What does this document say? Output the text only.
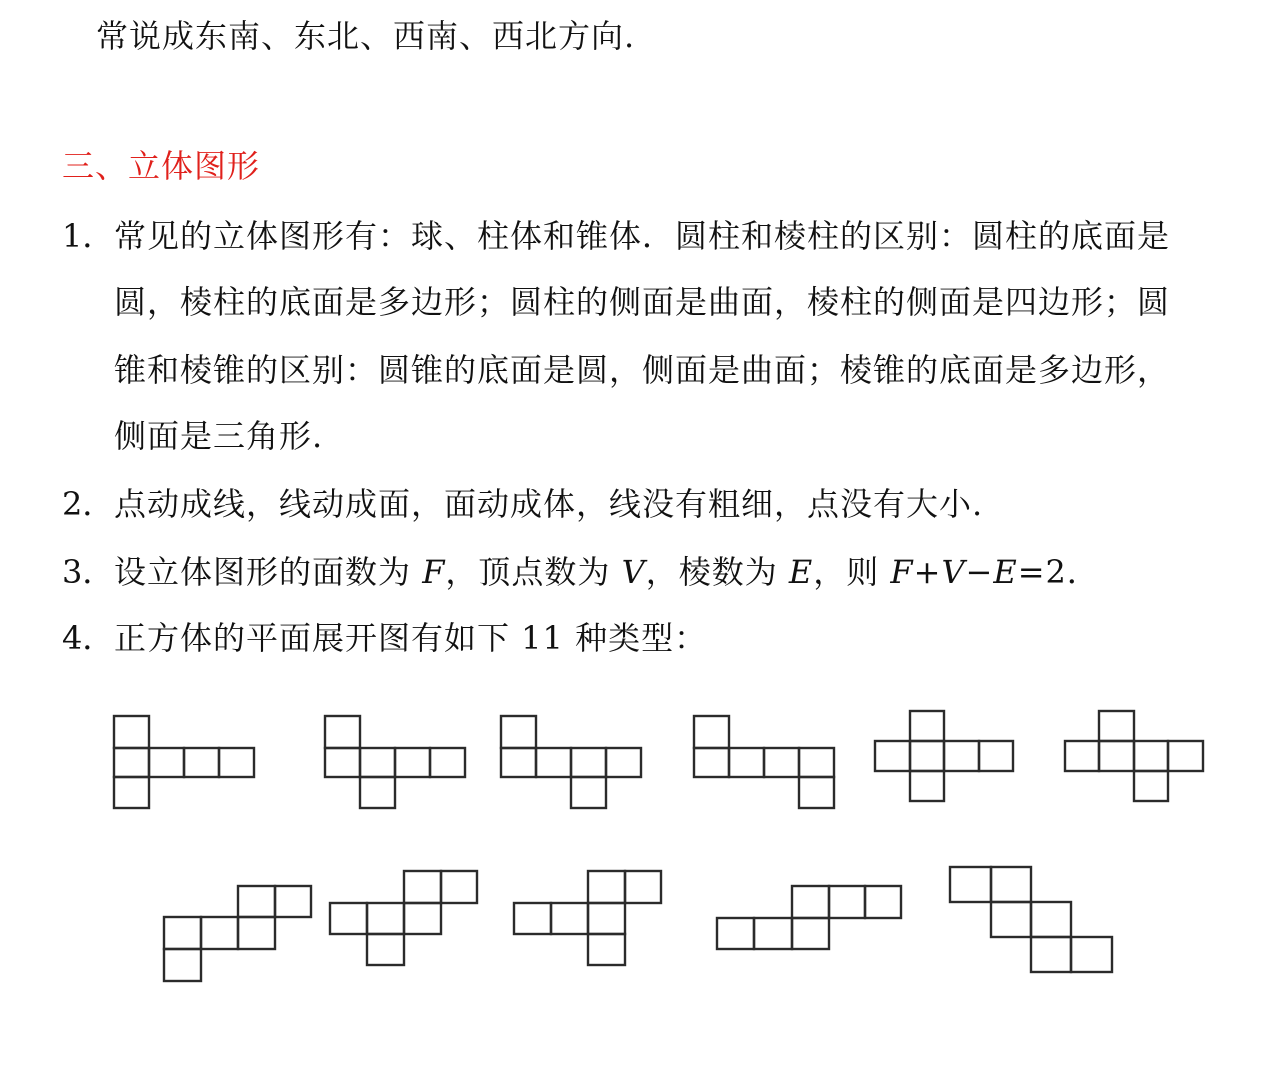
常说成东南、东北、西南、西北方向.
三、立体图形
1． 常见的立体图形有：球、柱体和锥体．圆柱和棱柱的区别：圆柱的底面是
圆，棱柱的底面是多边形；圆柱的侧面是曲面，棱柱的侧面是四边形；圆
锥和棱锥的区别：圆锥的底面是圆，侧面是曲面；棱锥的底面是多边形，
侧面是三角形.
2． 点动成线，线动成面，面动成体，线没有粗细，点没有大小.
3． 设立体图形的面数为 F，顶点数为 V，棱数为 E，则 F+V−E=2．
4． 正方体的平面展开图有如下 11 种类型：
